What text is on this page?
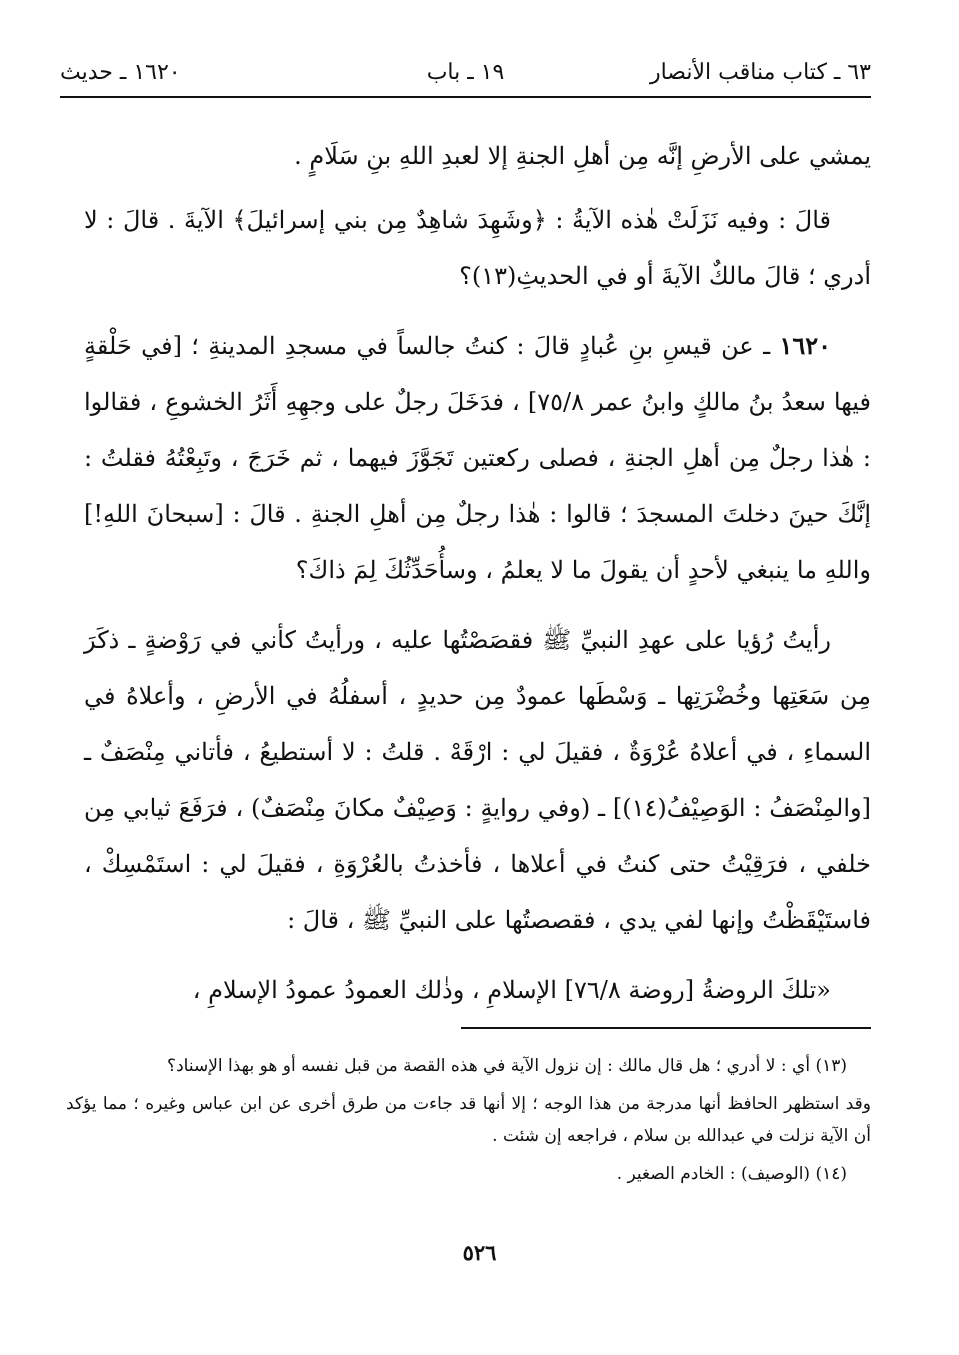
٦٣ ـ كتاب مناقب الأنصار
١٩ ـ باب
١٦٢٠ ـ حديث

يمشي على الأرضِ إنَّه مِن أهلِ الجنةِ إلا لعبدِ اللهِ بنِ سَلَامٍ .

قالَ : وفيه نَزَلَتْ هٰذه الآيةُ : ﴿وشَهِدَ شاهِدٌ مِن بني إسرائيلَ﴾ الآيةَ . قالَ : لا أدري ؛ قالَ مالكٌ الآيةَ أو في الحديثِ(١٣)؟

١٦٢٠ ـ عن قيسِ بنِ عُبادٍ قالَ : كنتُ جالساً في مسجدِ المدينةِ ؛ [في حَلْقةٍ فيها سعدُ بنُ مالكٍ وابنُ عمر ٧٥/٨] ، فدَخَلَ رجلٌ على وجهِهِ أَثَرُ الخشوعِ ، فقالوا : هٰذا رجلٌ مِن أهلِ الجنةِ ، فصلى ركعتين تَجَوَّزَ فيهما ، ثم خَرَجَ ، وتَبِعْتُهُ فقلتُ : إنَّكَ حينَ دخلتَ المسجدَ ؛ قالوا : هٰذا رجلٌ مِن أهلِ الجنةِ . قالَ : [سبحانَ اللهِ!] واللهِ ما ينبغي لأحدٍ أن يقولَ ما لا يعلمُ ، وسأُحَدِّثُكَ لِمَ ذاكَ؟

رأيتُ رُؤيا على عهدِ النبيِّ ﷺ فقصَصْتُها عليه ، ورأيتُ كأني في رَوْضةٍ ـ ذكَرَ مِن سَعَتِها وخُضْرَتِها ـ وَسْطَها عمودٌ مِن حديدٍ ، أسفلُهُ في الأرضِ ، وأعلاهُ في السماءِ ، في أعلاهُ عُرْوَةٌ ، فقيلَ لي : ارْقَهْ . قلتُ : لا أستطيعُ ، فأتاني مِنْصَفٌ ـ [والمِنْصَفُ : الوَصِيْفُ(١٤)] ـ (وفي روايةٍ : وَصِيْفٌ مكانَ مِنْصَفٌ) ، فرَفَعَ ثيابي مِن خلفي ، فرَقِيْتُ حتى كنتُ في أعلاها ، فأخذتُ بالعُرْوَةِ ، فقيلَ لي : استَمْسِكْ ، فاستَيْقَظْتُ وإنها لفي يدي ، فقصصتُها على النبيِّ ﷺ ، قالَ :

«تلكَ الروضةُ [روضة ٧٦/٨] الإسلامِ ، وذٰلك العمودُ عمودُ الإسلامِ ،

(١٣) أي : لا أدري ؛ هل قال مالك : إن نزول الآية في هذه القصة من قبل نفسه أو هو بهذا الإسناد؟

وقد استظهر الحافظ أنها مدرجة من هذا الوجه ؛ إلا أنها قد جاءت من طرق أخرى عن ابن عباس وغيره ؛ مما يؤكد أن الآية نزلت في عبدالله بن سلام ، فراجعه إن شئت .

(١٤) (الوصيف) : الخادم الصغير .

٥٢٦
